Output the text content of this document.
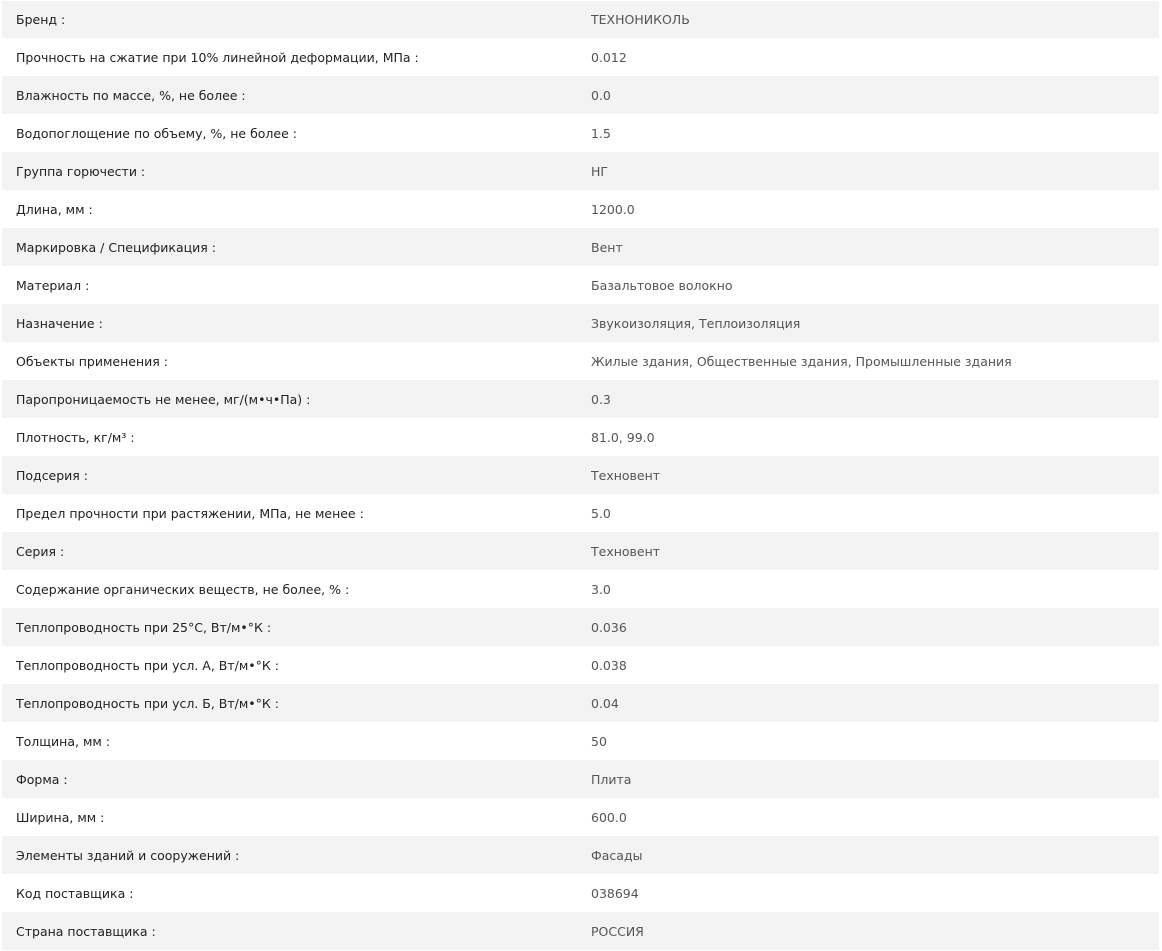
Бренд :	ТЕХНОНИКОЛЬ
Прочность на сжатие при 10% линейной деформации, МПа :	0.012
Влажность по массе, %, не более :	0.0
Водопоглощение по объему, %, не более :	1.5
Группа горючести :	НГ
Длина, мм :	1200.0
Маркировка / Спецификация :	Вент
Материал :	Базальтовое волокно
Назначение :	Звукоизоляция, Теплоизоляция
Объекты применения :	Жилые здания, Общественные здания, Промышленные здания
Паропроницаемость не менее, мг/(м•ч•Па) :	0.3
Плотность, кг/м³ :	81.0, 99.0
Подсерия :	Техновент
Предел прочности при растяжении, МПа, не менее :	5.0
Серия :	Техновент
Содержание органических веществ, не более, % :	3.0
Теплопроводность при 25°С, Вт/м•°К :	0.036
Теплопроводность при усл. А, Вт/м•°К :	0.038
Теплопроводность при усл. Б, Вт/м•°К :	0.04
Толщина, мм :	50
Форма :	Плита
Ширина, мм :	600.0
Элементы зданий и сооружений :	Фасады
Код поставщика :	038694
Страна поставщика :	РОССИЯ
